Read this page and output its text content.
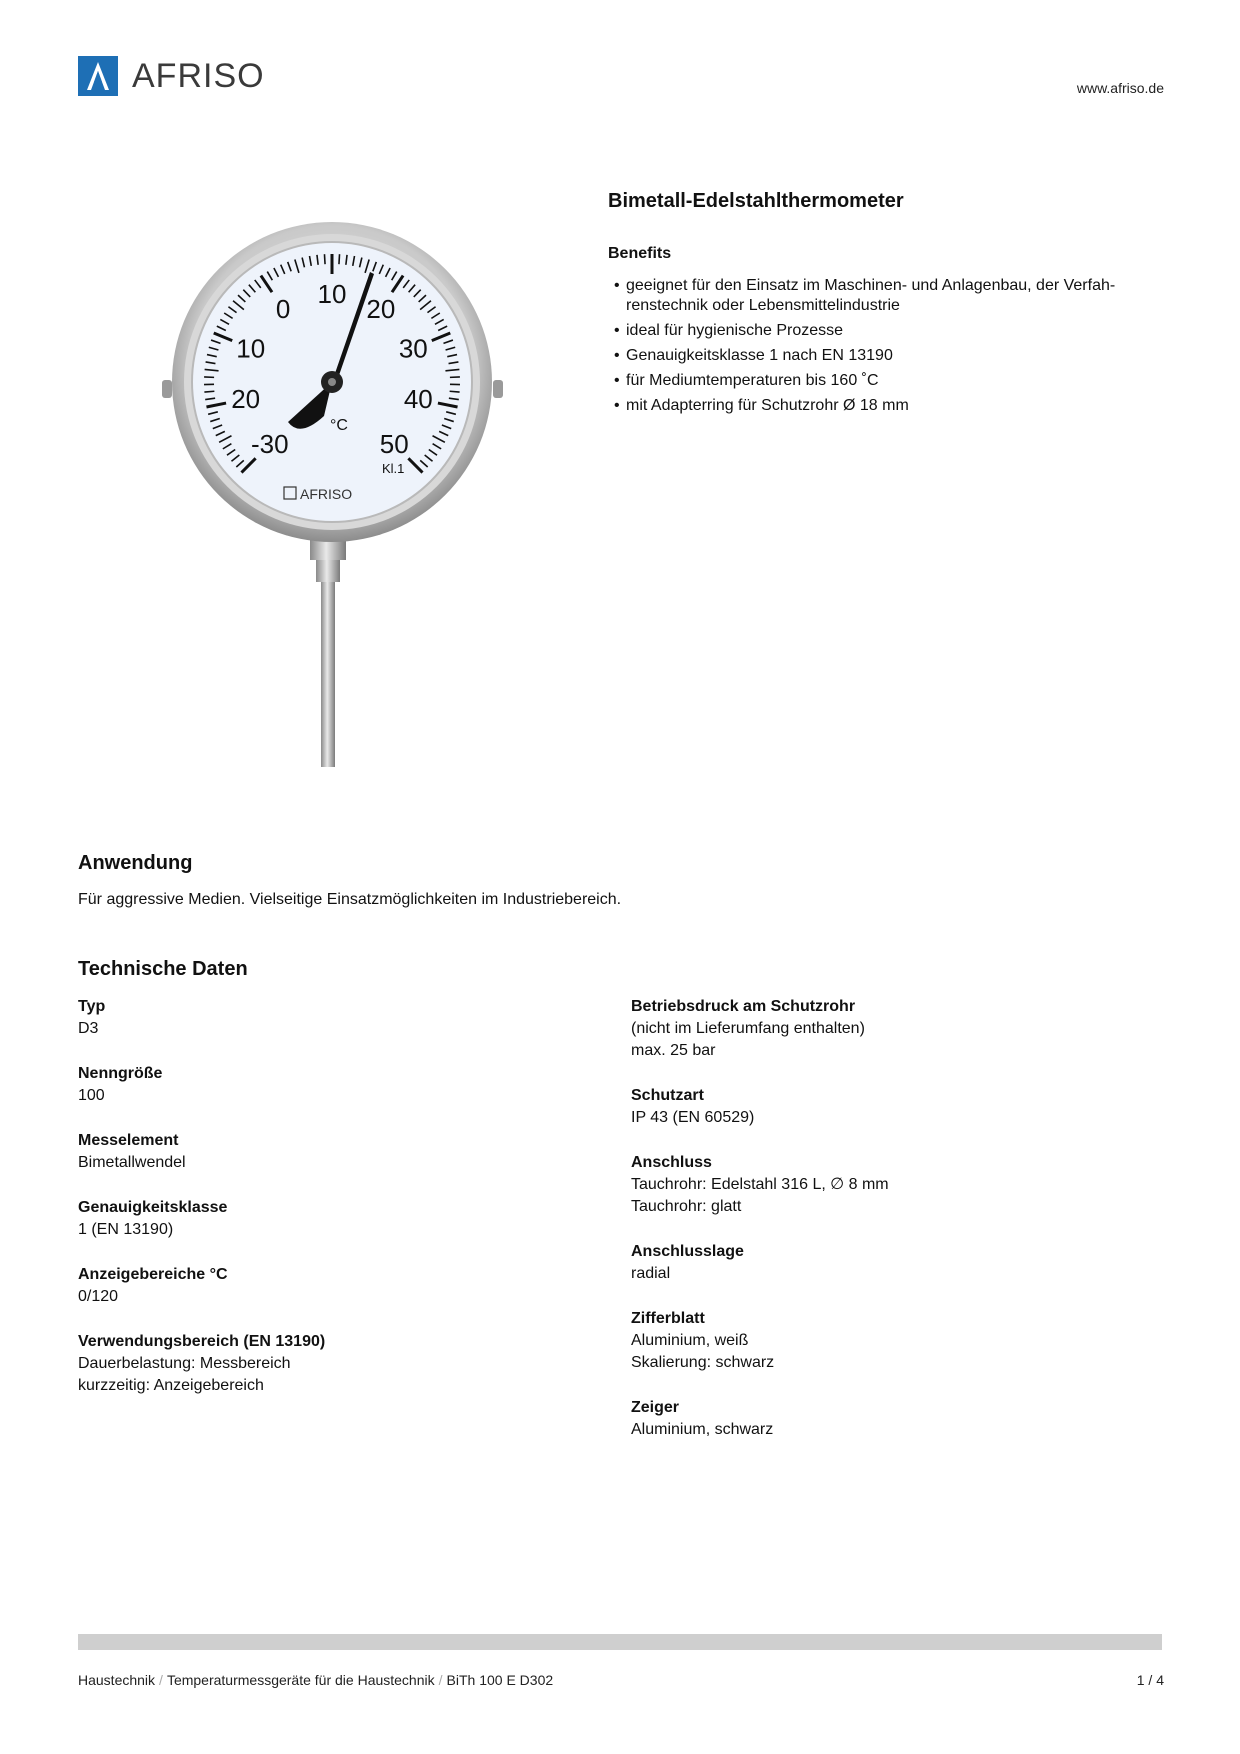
AFRISO	www.afriso.de
Bimetall-Edelstahlthermometer
Benefits
• geeignet für den Einsatz im Maschinen- und Anlagenbau, der Verfahrenstechnik oder Lebensmittelindustrie
• ideal für hygienische Prozesse
• Genauigkeitsklasse 1 nach EN 13190
• für Mediumtemperaturen bis 160 ˚C
• mit Adapterring für Schutzrohr Ø 18 mm
-30
20
10
0 10 20
30
40
50
°C
Kl.1
AFRISO
Anwendung
Für aggressive Medien. Vielseitige Einsatzmöglichkeiten im Industriebereich.
Technische Daten
Typ
D3
Nenngröße
100
Messelement
Bimetallwendel
Genauigkeitsklasse
1 (EN 13190)
Anzeigebereiche °C
0/120
Verwendungsbereich (EN 13190)
Dauerbelastung: Messbereich
kurzzeitig: Anzeigebereich
Betriebsdruck am Schutzrohr
(nicht im Lieferumfang enthalten)
max. 25 bar
Schutzart
IP 43 (EN 60529)
Anschluss
Tauchrohr: Edelstahl 316 L, ∅ 8 mm
Tauchrohr: glatt
Anschlusslage
radial
Zifferblatt
Aluminium, weiß
Skalierung: schwarz
Zeiger
Aluminium, schwarz
Haustechnik / Temperaturmessgeräte für die Haustechnik / BiTh 100 E D302	1 / 4
